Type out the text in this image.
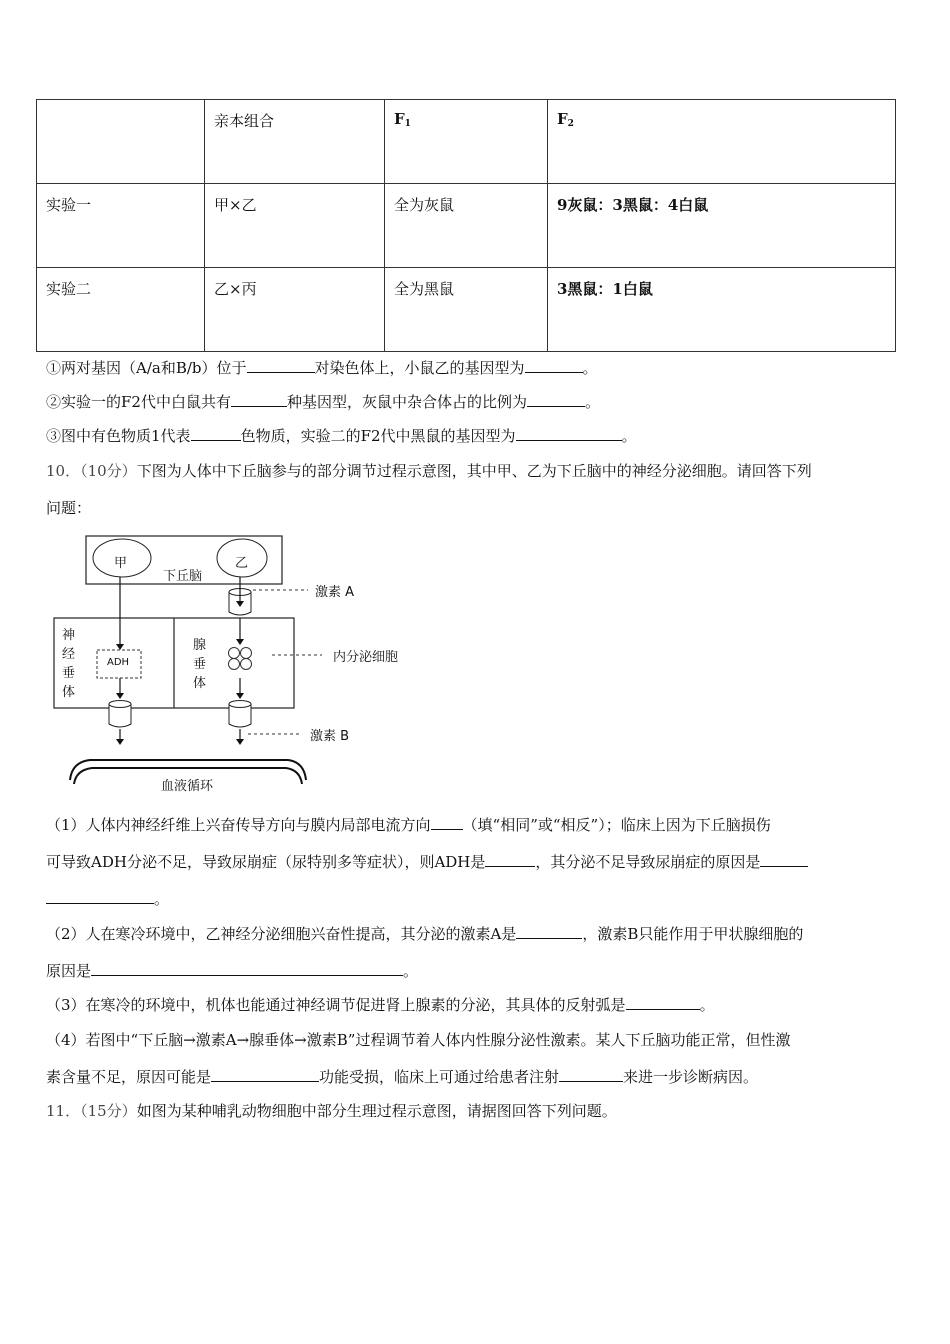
	亲本组合	$F_1$	$F_2$
实验一	甲×乙	全为灰鼠	9灰鼠：3黑鼠：4白鼠
实验二	乙×丙	全为黑鼠	3黑鼠：1白鼠
①两对基因（A/a和B/b）位于	对染色体上，小鼠乙的基因型为	。
②实验一的F2代中白鼠共有	种基因型，灰鼠中杂合体占的比例为	。
③图中有色物质1代表	色物质，实验二的F2代中黑鼠的基因型为	。
10．（10分）下图为人体中下丘脑参与的部分调节过程示意图，其中甲、乙为下丘脑中的神经分泌细胞。请回答下列
问题：
甲	乙
下丘脑
激素 A
神
经
垂
体
ADH
腺
垂
体
内分泌细胞
激素 B
血液循环
（1）人体内神经纤维上兴奋传导方向与膜内局部电流方向 （填“相同”或“相反”）；临床上因为下丘脑损伤
可导致ADH分泌不足，导致尿崩症（尿特别多等症状），则ADH是	，其分泌不足导致尿崩症的原因是
。
（2）人在寒冷环境中，乙神经分泌细胞兴奋性提高，其分泌的激素A是	，激素B只能作用于甲状腺细胞的
原因是	。
（3）在寒冷的环境中，机体也能通过神经调节促进肾上腺素的分泌，其具体的反射弧是	。
（4）若图中“下丘脑→激素A→腺垂体→激素B”过程调节着人体内性腺分泌性激素。某人下丘脑功能正常，但性激
素含量不足，原因可能是	功能受损，临床上可通过给患者注射	来进一步诊断病因。
11．（15分）如图为某种哺乳动物细胞中部分生理过程示意图，请据图回答下列问题。
